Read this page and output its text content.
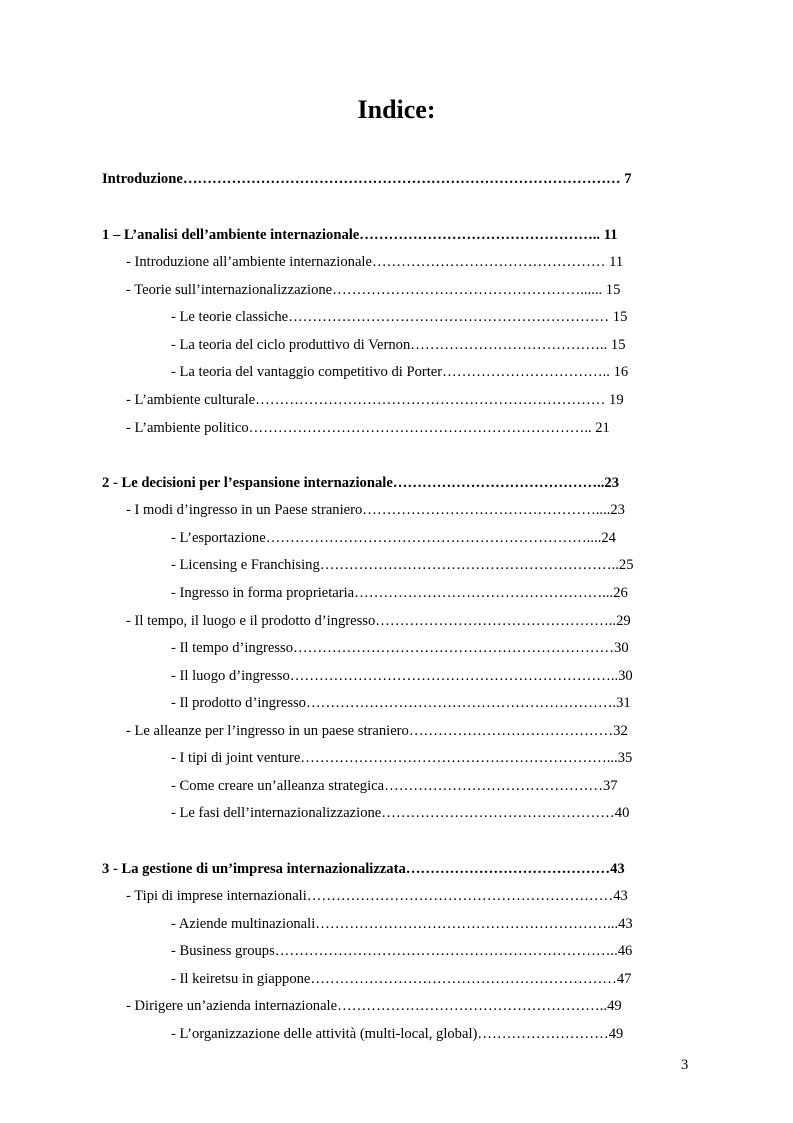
Indice:
Introduzione……………………………………………………………………………… 7
1 – L’analisi dell’ambiente internazionale………………………………………….. 11
- Introduzione all’ambiente internazionale………………………………………… 11
- Teorie sull’internazionalizzazione……………………………………………...... 15
- Le teorie classiche………………………………………………………… 15
- La teoria del ciclo produttivo di Vernon………………………………….. 15
- La teoria del vantaggio competitivo di Porter…………………………….. 16
- L’ambiente culturale……………………………………………………………… 19
- L’ambiente politico…………………………………………………………….. 21
2 - Le decisioni per l’espansione internazionale……………………………………..23
- I modi d’ingresso in un Paese straniero…………………………………………....23
- L’esportazione…………………………………………………………....24
- Licensing e Franchising……………………………………………………..25
- Ingresso in forma proprietaria……………………………………………...26
- Il tempo, il luogo e il prodotto d’ingresso…………………………………………..29
- Il tempo d’ingresso…………………………………………………………30
- Il luogo d’ingresso…………………………………………………………..30
- Il prodotto d’ingresso……………………………………………………….31
- Le alleanze per l’ingresso in un paese straniero……………………………………32
- I tipi di joint venture………………………………………………………...35
- Come creare un’alleanza strategica………………………………………37
- Le fasi dell’internazionalizzazione…………………………………………40
3 - La gestione di un’impresa internazionalizzata……………………………………43
- Tipi di imprese internazionali………………………………………………………43
- Aziende multinazionali……………………………………………………...43
- Business groups……………………………………………………………..46
- Il keiretsu in giappone………………………………………………………47
- Dirigere un’azienda internazionale………………………………………………..49
- L’organizzazione delle attività (multi-local, global)………………………49
3
